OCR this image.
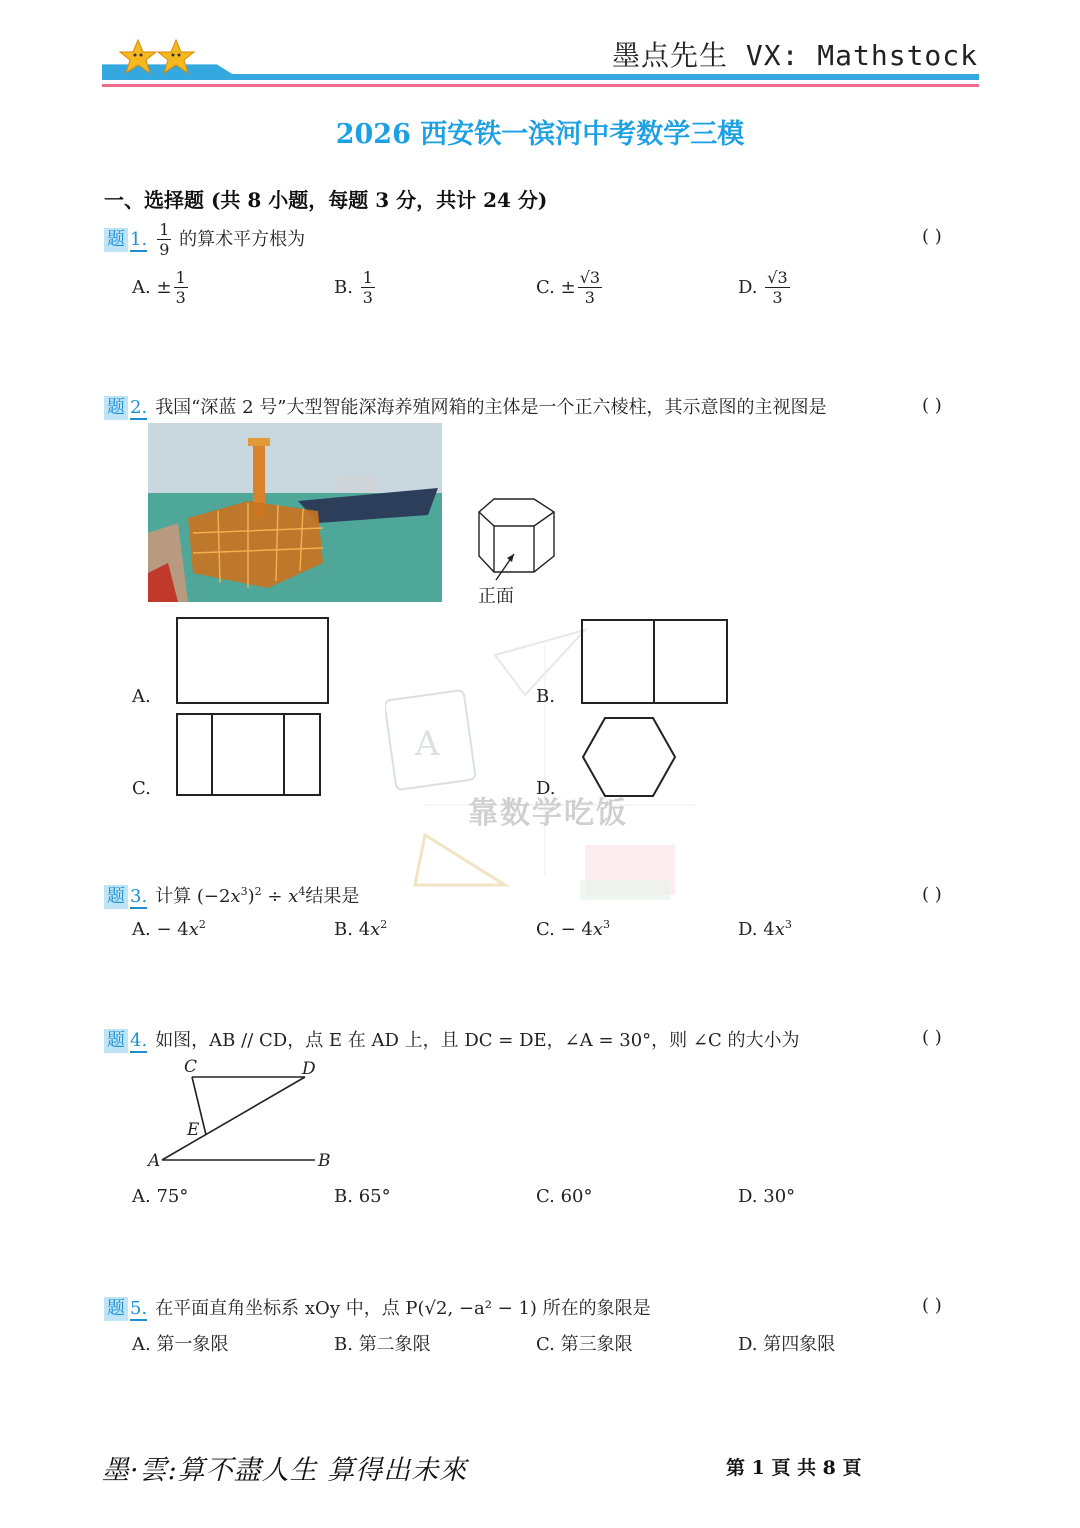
墨点先生 VX: Mathstock
2026 西安铁一滨河中考数学三模
一、选择题 (共 8 小题，每题 3 分，共计 24 分)
A
靠数学吃饭
题 1. $\frac{1}{9}$ 的算术平方根为	( )
A. ± $\frac{1}{3}$	B. $\frac{1}{3}$	C. ± $\frac{√3}{3}$	D. $\frac{√3}{3}$
题 2. 我国“深蓝 2 号”大型智能深海养殖网箱的主体是一个正六棱柱，其示意图的主视图是	( )
正面
A.	B.
C.	D.
题 3. 计算 $(-2x^3)^2 \div x^4$结果是	( )
A. − $4x^2$	B. $4x^2$	C. − $4x^3$	D. $4x^3$
题 4. 如图，AB // CD，点 E 在 AD 上，且 DC = DE，∠A = 30°，则 ∠C 的大小为	( )
C	D
E
A	B
A. 75°	B. 65°	C. 60°	D. 30°
题 5. 在平面直角坐标系 xOy 中，点 P(√2, −a² − 1) 所在的象限是	( )
A. 第一象限	B. 第二象限	C. 第三象限	D. 第四象限
墨·雲:算不盡人生 算得出未來	第 1 頁 共 8 頁
